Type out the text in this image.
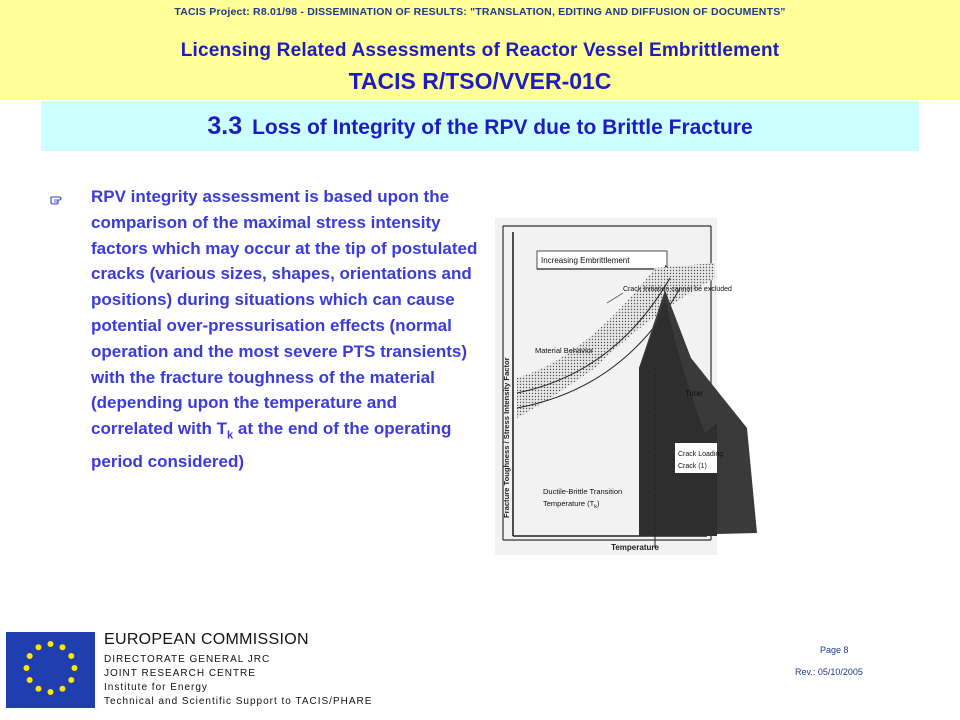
TACIS Project: R8.01/98 - DISSEMINATION OF RESULTS: "TRANSLATION, EDITING AND DIFFUSION OF DOCUMENTS"
Licensing Related Assessments of Reactor Vessel Embrittlement
TACIS R/TSO/VVER-01C
3.3 Loss of Integrity of the RPV due to Brittle Fracture
RPV integrity assessment is based upon the comparison of the maximal stress intensity factors which may occur at the tip of postulated cracks (various sizes, shapes, orientations and positions) during situations which can cause potential over-pressurisation effects (normal operation and the most severe PTS transients) with the fracture toughness of the material (depending upon the temperature and correlated with $T_k$ at the end of the operating period considered)	Fracture Toughness / Stress Intensity Factor
Temperature
Increasing Embrittlement
Material Behavior
Crack Initiation cannot be excluded
Time
Crack Loading
Crack (1)
Ductile-Brittle Transition
Temperature $(T_k)$
EUROPEAN COMMISSION
DIRECTORATE GENERAL JRC
JOINT RESEARCH CENTRE
Institute for Energy
Technical and Scientific Support to TACIS/PHARE
Page 8
Rev.: 05/10/2005
